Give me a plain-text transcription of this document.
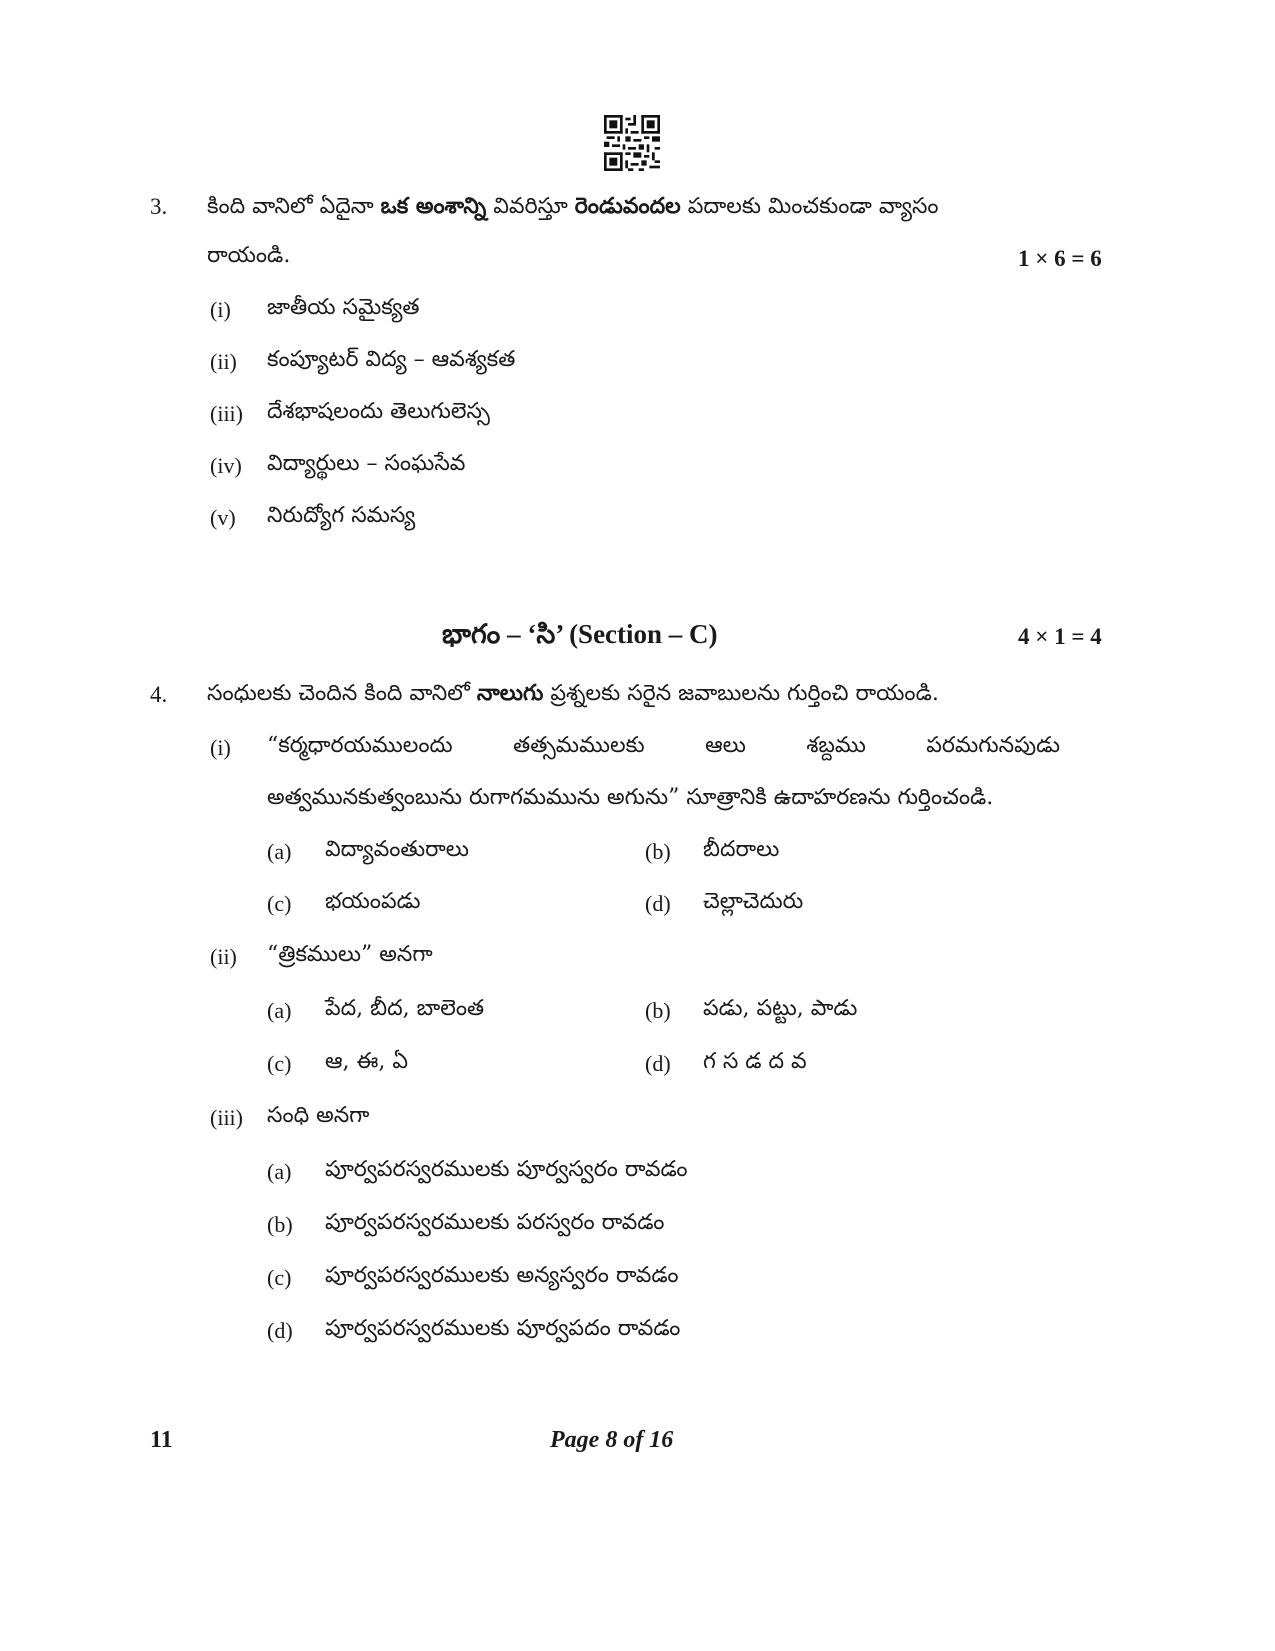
3. కింది వానిలో ఏదైనా ఒక అంశాన్ని వివరిస్తూ రెండువందల పదాలకు మించకుండా వ్యాసం
రాయండి.	1 × 6 = 6
(i) జాతీయ సమైక్యత
(ii) కంప్యూటర్ విద్య – ఆవశ్యకత
(iii) దేశభాషలందు తెలుగులెస్స
(iv) విద్యార్థులు – సంఘసేవ
(v) నిరుద్యోగ సమస్య
భాగం – ‘సి’ (Section – C)	4 × 1 = 4
4. సంధులకు చెందిన కింది వానిలో నాలుగు ప్రశ్నలకు సరైన జవాబులను గుర్తించి రాయండి.
(i) “కర్మధారయములందు	తత్సమములకు	ఆలు	శబ్దము	పరమగునపుడు
అత్వమునకుత్వంబును రుగాగమమును అగును” సూత్రానికి ఉదాహరణను గుర్తించండి.
(a) విద్యావంతురాలు	(b) బీదరాలు
(c) భయంపడు	(d) చెల్లాచెదురు
(ii) “త్రికములు” అనగా
(a) పేద, బీద, బాలెంత	(b) పడు, పట్టు, పాడు
(c) ఆ, ఈ, ఏ	(d) గ స డ ద వ
(iii) సంధి అనగా
(a) పూర్వపరస్వరములకు పూర్వస్వరం రావడం
(b) పూర్వపరస్వరములకు పరస్వరం రావడం
(c) పూర్వపరస్వరములకు అన్యస్వరం రావడం
(d) పూర్వపరస్వరములకు పూర్వపదం రావడం
11	Page 8 of 16
